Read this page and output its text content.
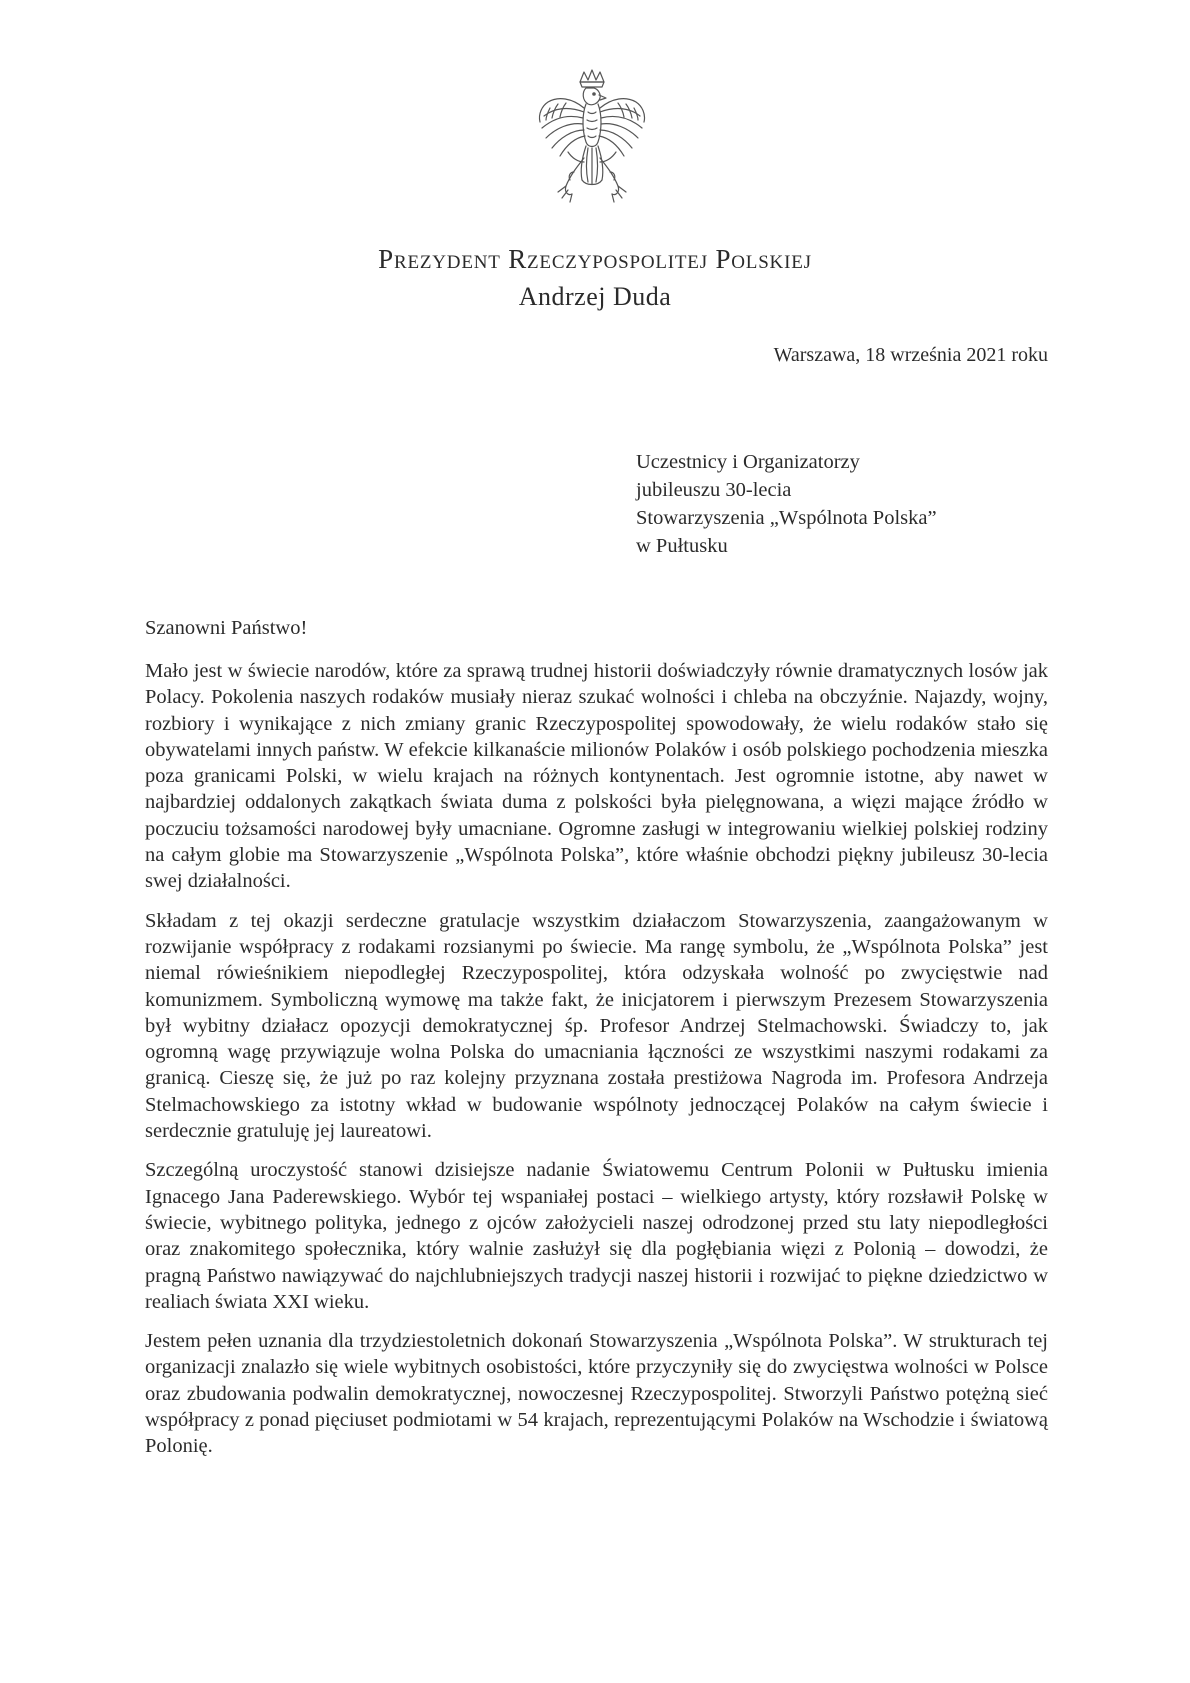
Prezydent Rzeczypospolitej Polskiej
Andrzej Duda
Warszawa, 18 września 2021 roku
Uczestnicy i Organizatorzy
jubileuszu 30-lecia
Stowarzyszenia „Wspólnota Polska”
w Pułtusku
Szanowni Państwo!

Mało jest w świecie narodów, które za sprawą trudnej historii doświadczyły równie dramatycznych losów jak Polacy. Pokolenia naszych rodaków musiały nieraz szukać wolności i chleba na obczyźnie. Najazdy, wojny, rozbiory i wynikające z nich zmiany granic Rzeczypospolitej spowodowały, że wielu rodaków stało się obywatelami innych państw. W efekcie kilkanaście milionów Polaków i osób polskiego pochodzenia mieszka poza granicami Polski, w wielu krajach na różnych kontynentach. Jest ogromnie istotne, aby nawet w najbardziej oddalonych zakątkach świata duma z polskości była pielęgnowana, a więzi mające źródło w poczuciu tożsamości narodowej były umacniane. Ogromne zasługi w integrowaniu wielkiej polskiej rodziny na całym globie ma Stowarzyszenie „Wspólnota Polska”, które właśnie obchodzi piękny jubileusz 30-lecia swej działalności.

Składam z tej okazji serdeczne gratulacje wszystkim działaczom Stowarzyszenia, zaangażowanym w rozwijanie współpracy z rodakami rozsianymi po świecie. Ma rangę symbolu, że „Wspólnota Polska” jest niemal rówieśnikiem niepodległej Rzeczypospolitej, która odzyskała wolność po zwycięstwie nad komunizmem. Symboliczną wymowę ma także fakt, że inicjatorem i pierwszym Prezesem Stowarzyszenia był wybitny działacz opozycji demokratycznej śp. Profesor Andrzej Stelmachowski. Świadczy to, jak ogromną wagę przywiązuje wolna Polska do umacniania łączności ze wszystkimi naszymi rodakami za granicą. Cieszę się, że już po raz kolejny przyznana została prestiżowa Nagroda im. Profesora Andrzeja Stelmachowskiego za istotny wkład w budowanie wspólnoty jednoczącej Polaków na całym świecie i serdecznie gratuluję jej laureatowi.

Szczególną uroczystość stanowi dzisiejsze nadanie Światowemu Centrum Polonii w Pułtusku imienia Ignacego Jana Paderewskiego. Wybór tej wspaniałej postaci – wielkiego artysty, który rozsławił Polskę w świecie, wybitnego polityka, jednego z ojców założycieli naszej odrodzonej przed stu laty niepodległości oraz znakomitego społecznika, który walnie zasłużył się dla pogłębiania więzi z Polonią – dowodzi, że pragną Państwo nawiązywać do najchlubniejszych tradycji naszej historii i rozwijać to piękne dziedzictwo w realiach świata XXI wieku.

Jestem pełen uznania dla trzydziestoletnich dokonań Stowarzyszenia „Wspólnota Polska”. W strukturach tej organizacji znalazło się wiele wybitnych osobistości, które przyczyniły się do zwycięstwa wolności w Polsce oraz zbudowania podwalin demokratycznej, nowoczesnej Rzeczypospolitej. Stworzyli Państwo potężną sieć współpracy z ponad pięciuset podmiotami w 54 krajach, reprezentującymi Polaków na Wschodzie i światową Polonię.
